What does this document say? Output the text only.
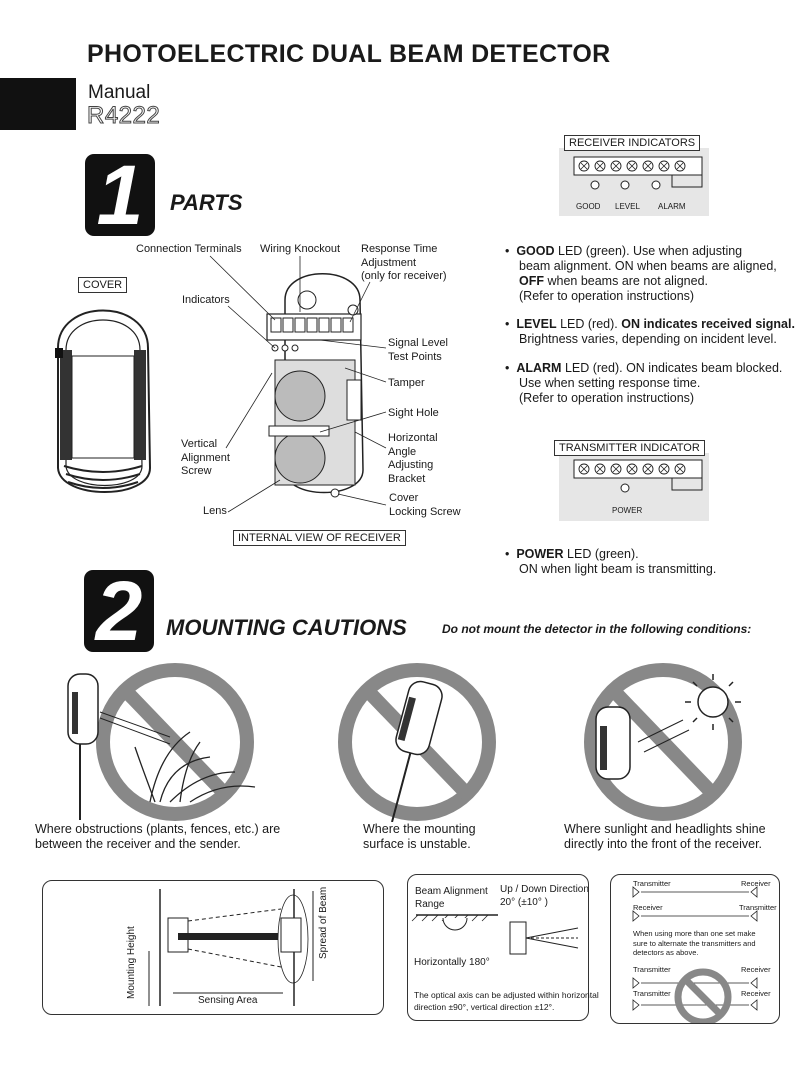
PHOTOELECTRIC DUAL BEAM DETECTOR
Manual
R4222
1	PARTS
COVER
Connection Terminals Wiring Knockout Response Time
Adjustment
(only for receiver)
Indicators
Signal Level
Test Points
Tamper
Sight Hole
Vertical
Alignment
Screw
Horizontal
Angle
Adjusting
Bracket
Cover
Locking Screw
Lens
INTERNAL VIEW OF RECEIVER
RECEIVER INDICATORS
GOOD LEVEL ALARM
•  GOOD LED (green). Use when adjusting
beam alignment. ON when beams are aligned,
OFF when beams are not aligned.
(Refer to operation instructions)
•  LEVEL LED (red). ON indicates received signal.
Brightness varies, depending on incident level.
•  ALARM LED (red). ON indicates beam blocked.
Use when setting response time.
(Refer to operation instructions)
TRANSMITTER INDICATOR
POWER
•  POWER LED (green).
ON when light beam is transmitting.
2	MOUNTING CAUTIONS	Do not mount the detector in the following conditions:
Where obstructions (plants, fences, etc.) are
between the receiver and the sender.
Where the mounting
surface is unstable.
Where sunlight and headlights shine
directly into the front of the receiver.
Mounting Height
Spread of Beam
Sensing Area
Beam Alignment
Range
Up / Down Direction
20° (±10° )
Horizontally 180°
The optical axis can be adjusted within horizontal
direction ±90°, vertical direction ±12°.
Transmitter	Receiver
Receiver	Transmitter
When using more than one set make
sure to alternate the transmitters and
detectors as above.
Transmitter	Receiver
Transmitter	Receiver
